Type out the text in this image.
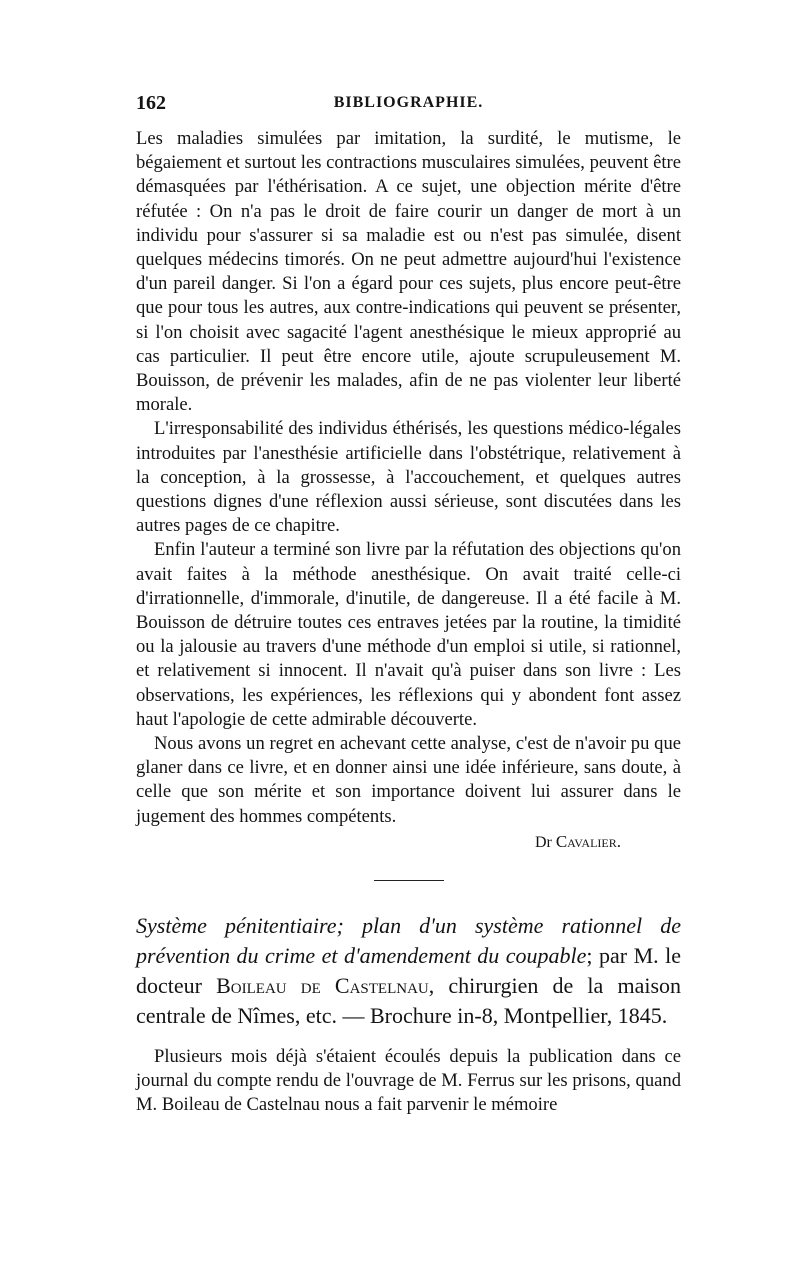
162	BIBLIOGRAPHIE.

Les maladies simulées par imitation, la surdité, le mutisme, le bégaiement et surtout les contractions musculaires simulées, peuvent être démasquées par l'éthérisation. A ce sujet, une objection mérite d'être réfutée : On n'a pas le droit de faire courir un danger de mort à un individu pour s'assurer si sa maladie est ou n'est pas simulée, disent quelques médecins timorés. On ne peut admettre aujourd'hui l'existence d'un pareil danger. Si l'on a égard pour ces sujets, plus encore peut-être que pour tous les autres, aux contre-indications qui peuvent se présenter, si l'on choisit avec sagacité l'agent anesthésique le mieux approprié au cas particulier. Il peut être encore utile, ajoute scrupuleusement M. Bouisson, de prévenir les malades, afin de ne pas violenter leur liberté morale.

L'irresponsabilité des individus éthérisés, les questions médico-légales introduites par l'anesthésie artificielle dans l'obstétrique, relativement à la conception, à la grossesse, à l'accouchement, et quelques autres questions dignes d'une réflexion aussi sérieuse, sont discutées dans les autres pages de ce chapitre.

Enfin l'auteur a terminé son livre par la réfutation des objections qu'on avait faites à la méthode anesthésique. On avait traité celle-ci d'irrationnelle, d'immorale, d'inutile, de dangereuse. Il a été facile à M. Bouisson de détruire toutes ces entraves jetées par la routine, la timidité ou la jalousie au travers d'une méthode d'un emploi si utile, si rationnel, et relativement si innocent. Il n'avait qu'à puiser dans son livre : Les observations, les expériences, les réflexions qui y abondent font assez haut l'apologie de cette admirable découverte.

Nous avons un regret en achevant cette analyse, c'est de n'avoir pu que glaner dans ce livre, et en donner ainsi une idée inférieure, sans doute, à celle que son mérite et son importance doivent lui assurer dans le jugement des hommes compétents.

Dr Cavalier.

Système pénitentiaire; plan d'un système rationnel de prévention du crime et d'amendement du coupable; par M. le docteur Boileau de Castelnau, chirurgien de la maison centrale de Nîmes, etc. — Brochure in-8, Montpellier, 1845.

Plusieurs mois déjà s'étaient écoulés depuis la publication dans ce journal du compte rendu de l'ouvrage de M. Ferrus sur les prisons, quand M. Boileau de Castelnau nous a fait parvenir le mémoire
